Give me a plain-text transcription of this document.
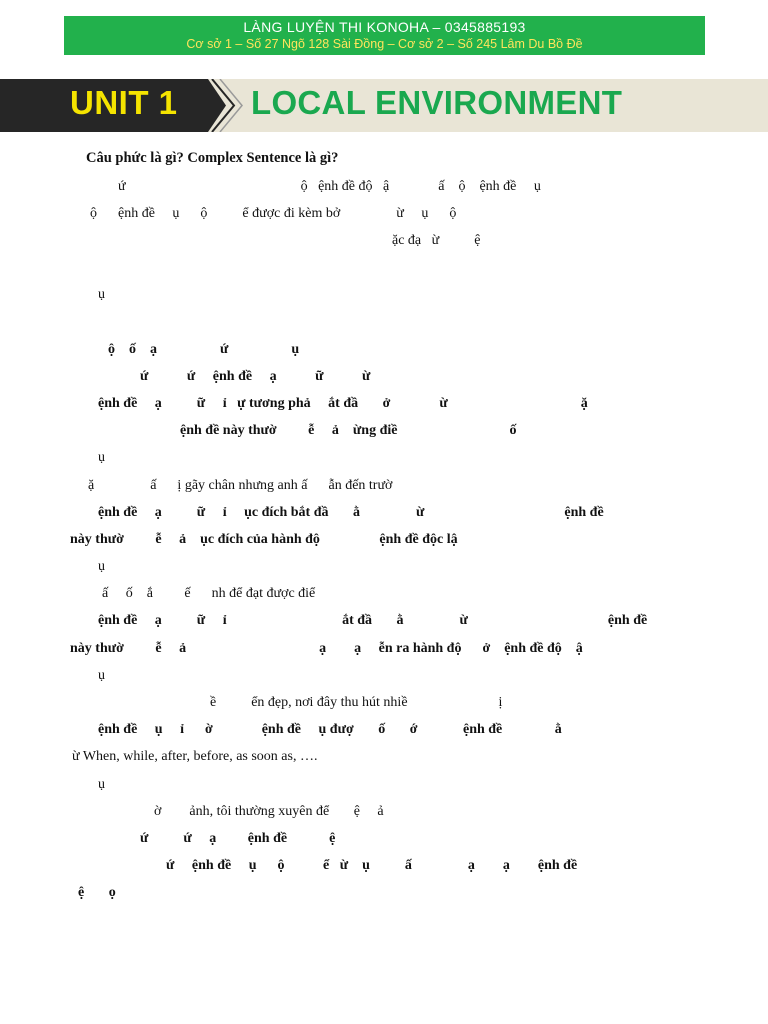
LÀNG LUYỆN THI KONOHA – 0345885193
Cơ sở 1 – Số 27 Ngõ 128 Sài Đồng – Cơ sở 2 – Số 245 Lâm Du Bồ Đề
UNIT 1 LOCAL ENVIRONMENT
Câu phức là gì? Complex Sentence là gì?
ứ                                                  ộ   ệnh đề độ   ậ              ấ    ộ    ệnh đề     ụ
ộ      ệnh đề     ụ      ộ          ể được đi kèm bở                ừ     ụ      ộ
ặc đạ   ừ          ệ
ụ
ộ    ố    ạ                  ứ                  ụ
ứ           ứ     ệnh đề     ạ           ữ           ừ
ệnh đề     ạ          ữ     ỉ   ự tương phả     ắt đầ       ở              ừ                                      ặ
ệnh đề này thườ         ễ     ả    ừng điề                                ố
ụ
ặ                ấ      ị gãy chân nhưng anh ấ      ẫn đến trườ
ệnh đề     ạ          ữ     ỉ     ục đích bắt đầ       ằ                ừ                                        ệnh đề
này thườ         ễ     ả    ục đích của hành độ                 ệnh đề độc lậ
ụ
ấ     ố    ắ         ế      nh để đạt được điể
ệnh đề     ạ          ữ     ỉ                                 ắt đầ       ằ                ừ                                        ệnh đề
này thườ         ễ     ả                                      ạ        ạ     ễn ra hành độ      ở    ệnh đề độ    ậ
ụ
ề          ển đẹp, nơi đây thu hút nhiề                          ị
ệnh đề     ụ     ỉ      ờ              ệnh đề     ụ đượ       ố       ớ             ệnh đề               ằ
ừ When, while, after, before, as soon as, ….
ụ
ờ        ảnh, tôi thường xuyên để       ệ     ả
ứ          ứ     ạ         ệnh đề            ệ
ứ     ệnh đề     ụ      ộ           ể   ừ    ụ          ấ                ạ        ạ        ệnh đề
ệ       ọ
